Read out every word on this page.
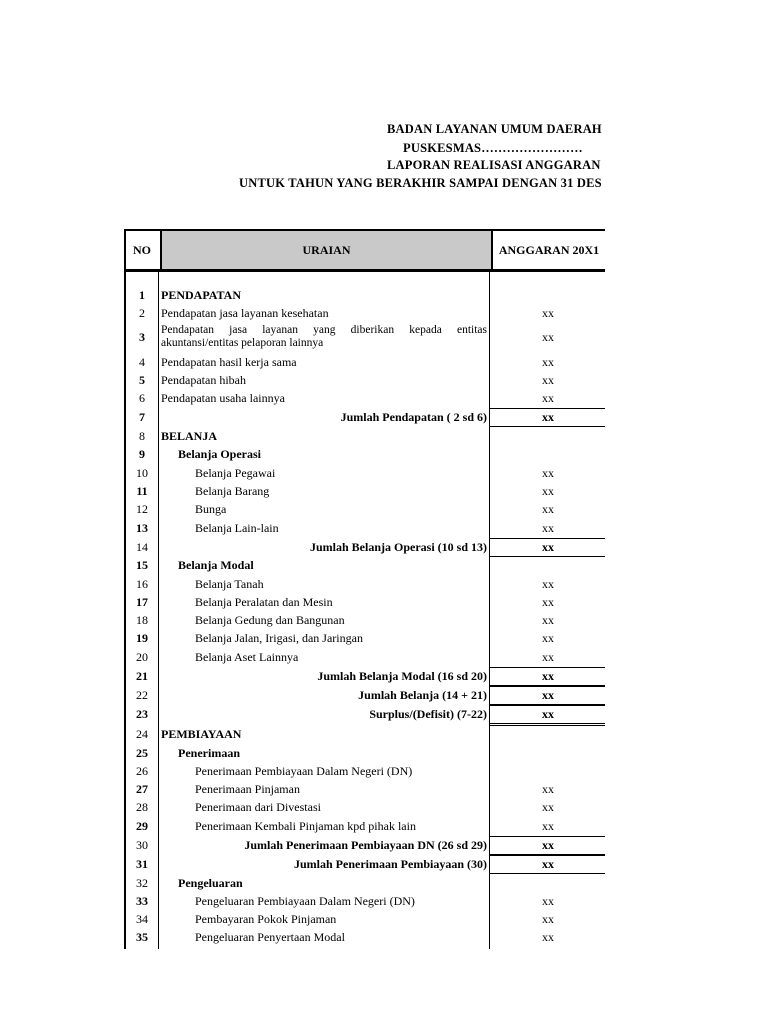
BADAN LAYANAN UMUM DAERAH
PUSKESMAS……………………
LAPORAN REALISASI ANGGARAN
UNTUK TAHUN YANG BERAKHIR SAMPAI DENGAN 31 DES
NO	URAIAN	ANGGARAN 20X1
1	PENDAPATAN
2	Pendapatan jasa layanan kesehatan	xx
3	Pendapatan jasa layanan yang diberikan kepada entitas akuntansi/entitas pelaporan lainnya	xx
4	Pendapatan hasil kerja sama	xx
5	Pendapatan hibah	xx
6	Pendapatan usaha lainnya	xx
7	Jumlah Pendapatan ( 2 sd 6)	xx
8	BELANJA
9	Belanja Operasi
10	Belanja Pegawai	xx
11	Belanja Barang	xx
12	Bunga	xx
13	Belanja Lain-lain	xx
14	Jumlah Belanja Operasi (10 sd 13)	xx
15	Belanja Modal
16	Belanja Tanah	xx
17	Belanja Peralatan dan Mesin	xx
18	Belanja Gedung dan Bangunan	xx
19	Belanja Jalan, Irigasi, dan Jaringan	xx
20	Belanja Aset Lainnya	xx
21	Jumlah Belanja Modal (16 sd 20)	xx
22	Jumlah Belanja (14 + 21)	xx
23	Surplus/(Defisit) (7-22)	xx
24	PEMBIAYAAN
25	Penerimaan
26	Penerimaan Pembiayaan Dalam Negeri (DN)
27	Penerimaan Pinjaman	xx
28	Penerimaan dari Divestasi	xx
29	Penerimaan Kembali Pinjaman kpd pihak lain	xx
30	Jumlah Penerimaan Pembiayaan DN (26 sd 29)	xx
31	Jumlah Penerimaan Pembiayaan (30)	xx
32	Pengeluaran
33	Pengeluaran Pembiayaan Dalam Negeri (DN)	xx
34	Pembayaran Pokok Pinjaman	xx
35	Pengeluaran Penyertaan Modal	xx
